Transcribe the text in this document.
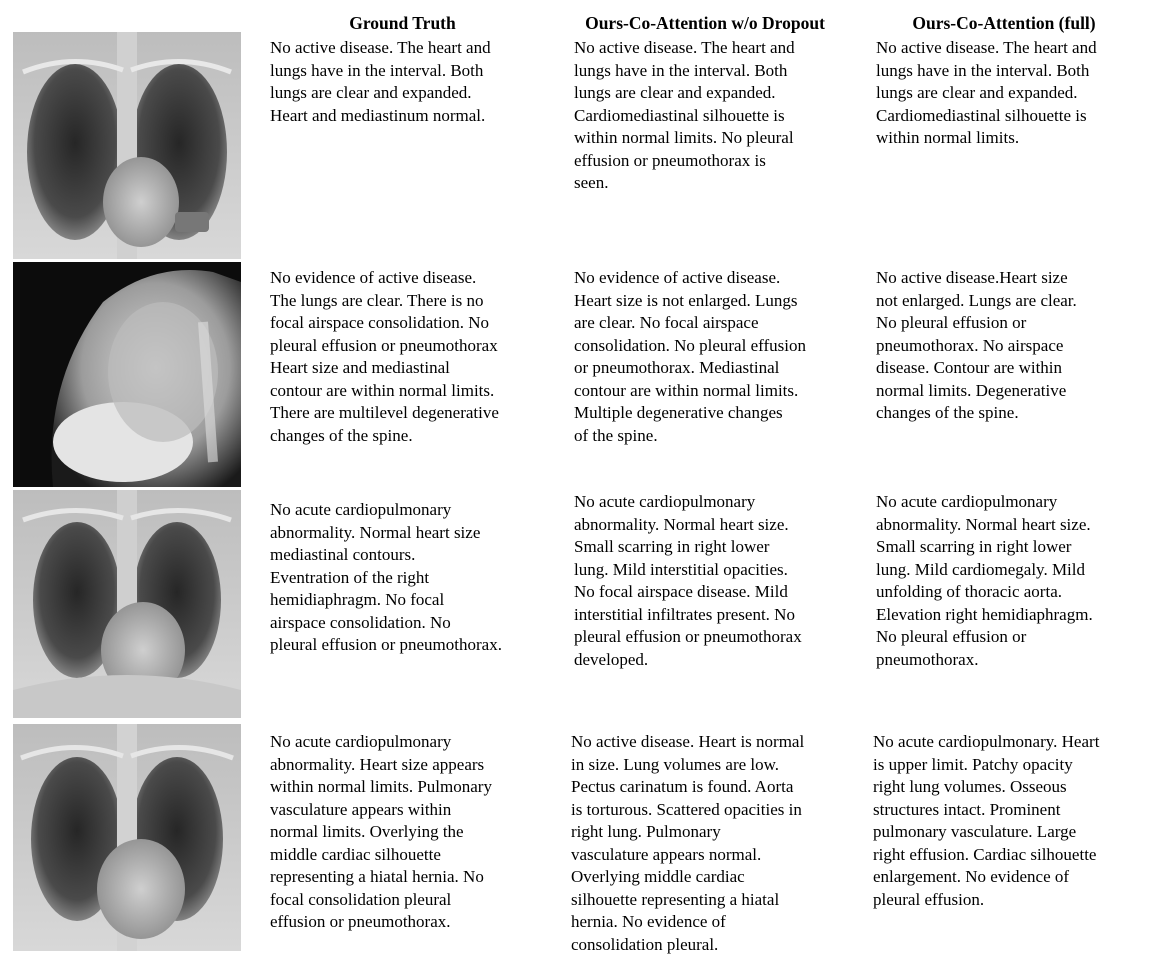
Ground Truth	Ours-Co-Attention w/o Dropout	Ours-Co-Attention (full)
No active disease. The heart and
lungs have in the interval. Both
lungs are clear and expanded.
Heart and mediastinum normal.
No active disease. The heart and
lungs have in the interval. Both
lungs are clear and expanded.
Cardiomediastinal silhouette is
within normal limits. No pleural
effusion or pneumothorax is
seen.
No active disease. The heart and
lungs have in the interval. Both
lungs are clear and expanded.
Cardiomediastinal silhouette is
within normal limits.
No evidence of active disease.
The lungs are clear. There is no
focal airspace consolidation. No
pleural effusion or pneumothorax
Heart size and mediastinal
contour are within normal limits.
There are multilevel degenerative
changes of the spine.
No evidence of active disease.
Heart size is not enlarged. Lungs
are clear. No focal airspace
consolidation. No pleural effusion
or pneumothorax. Mediastinal
contour are within normal limits.
Multiple degenerative changes
of the spine.
No active disease.Heart size
not enlarged. Lungs are clear.
No pleural effusion or
pneumothorax. No airspace
disease. Contour are within
normal limits. Degenerative
changes of the spine.
No acute cardiopulmonary
abnormality. Normal heart size
mediastinal contours.
Eventration of the right
hemidiaphragm. No focal
airspace consolidation. No
pleural effusion or pneumothorax.
No acute cardiopulmonary
abnormality. Normal heart size.
Small scarring in right lower
lung. Mild interstitial opacities.
No focal airspace disease. Mild
interstitial infiltrates present. No
pleural effusion or pneumothorax
developed.
No acute cardiopulmonary
abnormality. Normal heart size.
Small scarring in right lower
lung. Mild cardiomegaly. Mild
unfolding of thoracic aorta.
Elevation right hemidiaphragm.
No pleural effusion or
pneumothorax.
No acute cardiopulmonary
abnormality. Heart size appears
within normal limits. Pulmonary
vasculature appears within
normal limits. Overlying the
middle cardiac silhouette
representing a hiatal hernia. No
focal consolidation pleural
effusion or pneumothorax.
No active disease. Heart is normal
in size. Lung volumes are low.
Pectus carinatum is found. Aorta
is torturous. Scattered opacities in
right lung. Pulmonary
vasculature appears normal.
Overlying middle cardiac
silhouette representing a hiatal
hernia. No evidence of
consolidation pleural.
No acute cardiopulmonary. Heart
is upper limit. Patchy opacity
right lung volumes. Osseous
structures intact. Prominent
pulmonary vasculature. Large
right effusion. Cardiac silhouette
enlargement. No evidence of
pleural effusion.
